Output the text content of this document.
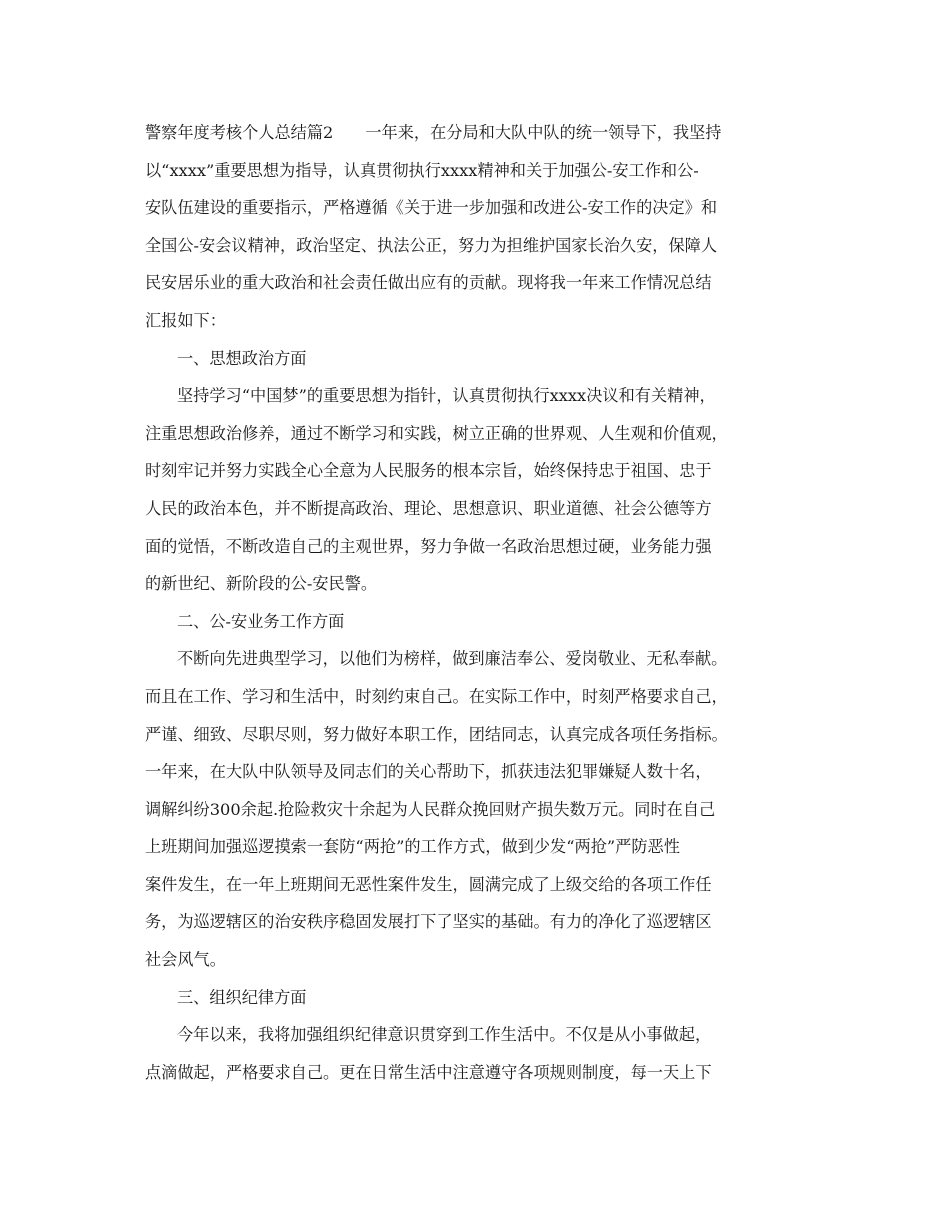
警察年度考核个人总结篇2 一年来，在分局和大队中队的统一领导下，我坚持
以“xxxx”重要思想为指导，认真贯彻执行xxxx精神和关于加强公-安工作和公-
安队伍建设的重要指示，严格遵循《关于进一步加强和改进公-安工作的决定》和
全国公-安会议精神，政治坚定、执法公正，努力为担维护国家长治久安，保障人
民安居乐业的重大政治和社会责任做出应有的贡献。现将我一年来工作情况总结
汇报如下：
一、思想政治方面
坚持学习“中国梦”的重要思想为指针，认真贯彻执行xxxx决议和有关精神，
注重思想政治修养，通过不断学习和实践，树立正确的世界观、人生观和价值观，
时刻牢记并努力实践全心全意为人民服务的根本宗旨，始终保持忠于祖国、忠于
人民的政治本色，并不断提高政治、理论、思想意识、职业道德、社会公德等方
面的觉悟，不断改造自己的主观世界，努力争做一名政治思想过硬，业务能力强
的新世纪、新阶段的公-安民警。
二、公-安业务工作方面
不断向先进典型学习，以他们为榜样，做到廉洁奉公、爱岗敬业、无私奉献。
而且在工作、学习和生活中，时刻约束自己。在实际工作中，时刻严格要求自己，
严谨、细致、尽职尽则，努力做好本职工作，团结同志，认真完成各项任务指标。
一年来，在大队中队领导及同志们的关心帮助下，抓获违法犯罪嫌疑人数十名，
调解纠纷300余起.抢险救灾十余起为人民群众挽回财产损失数万元。同时在自己
上班期间加强巡逻摸索一套防“两抢”的工作方式，做到少发“两抢”严防恶性
案件发生，在一年上班期间无恶性案件发生，圆满完成了上级交给的各项工作任
务，为巡逻辖区的治安秩序稳固发展打下了坚实的基础。有力的净化了巡逻辖区
社会风气。
三、组织纪律方面
今年以来，我将加强组织纪律意识贯穿到工作生活中。不仅是从小事做起，
点滴做起，严格要求自己。更在日常生活中注意遵守各项规则制度，每一天上下
